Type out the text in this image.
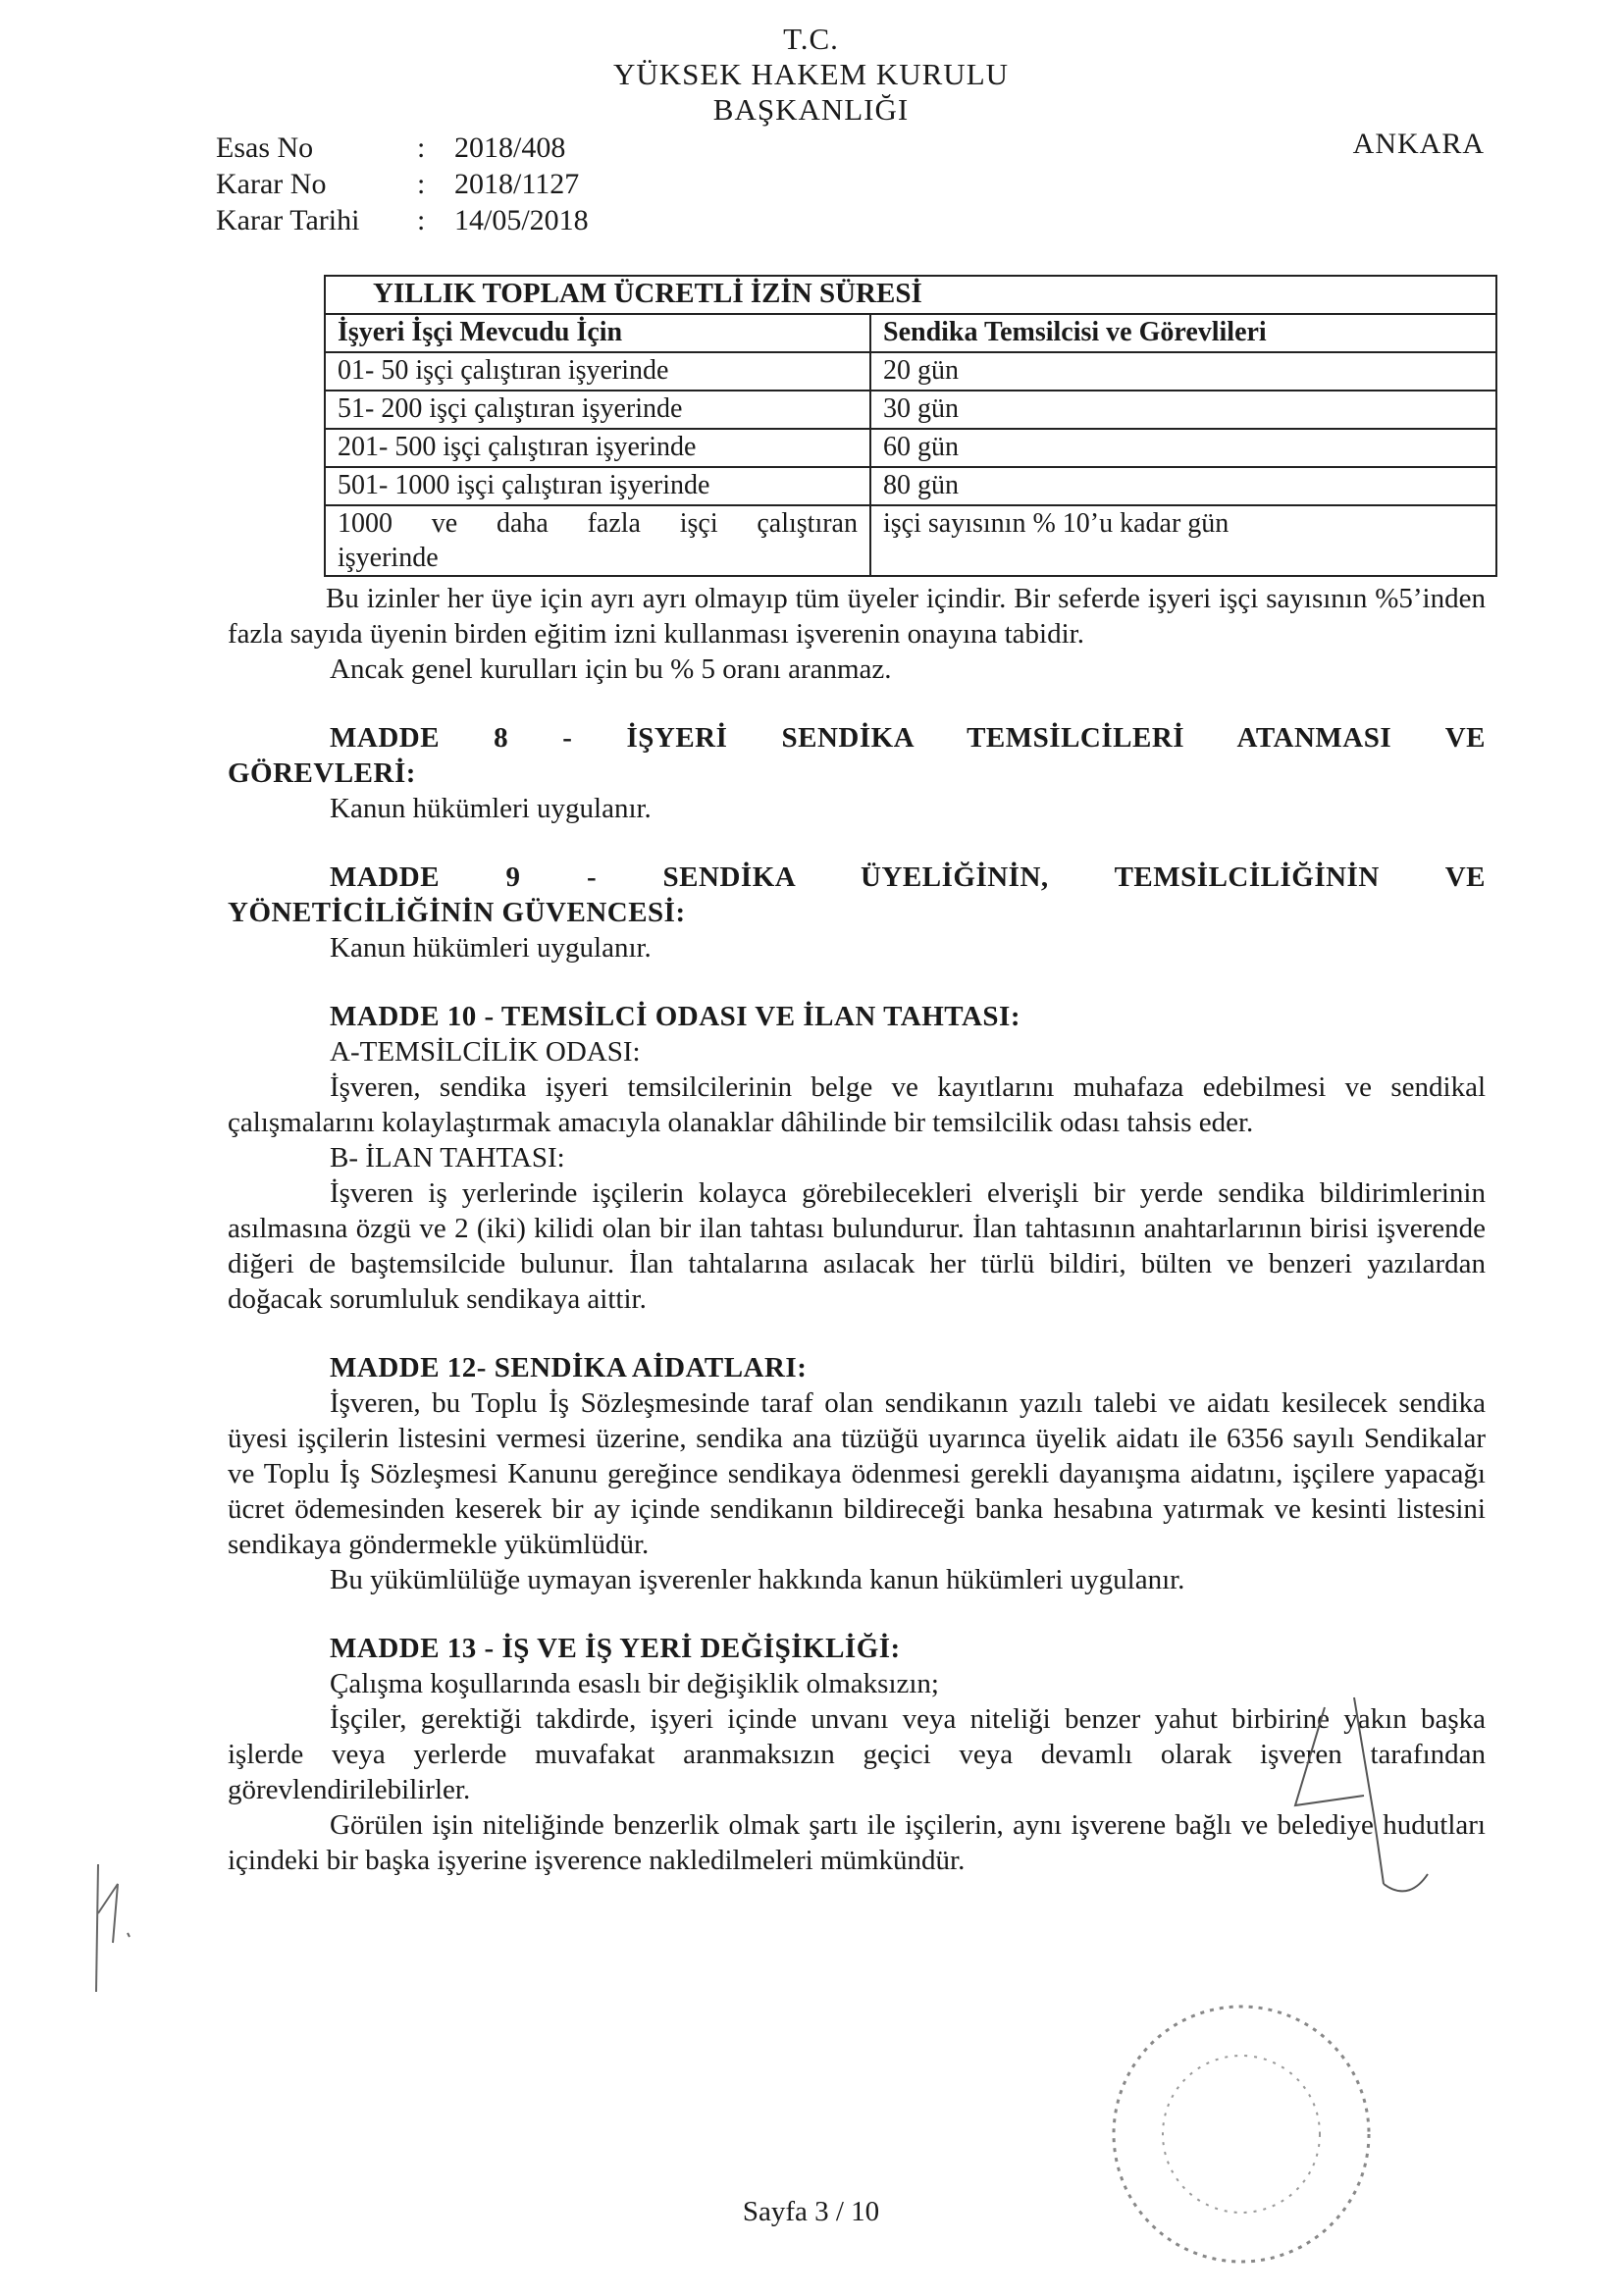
T.C.
YÜKSEK HAKEM KURULU
BAŞKANLIĞI
Esas No	: 2018/408
Karar No	: 2018/1127
Karar Tarihi	: 14/05/2018
ANKARA
YILLIK TOPLAM ÜCRETLİ İZİN SÜRESİ	
İşyeri İşçi Mevcudu İçin	Sendika Temsilcisi ve Görevlileri
01- 50 işçi çalıştıran işyerinde	20 gün
51- 200 işçi çalıştıran işyerinde	30 gün
201- 500 işçi çalıştıran işyerinde	60 gün
501- 1000 işçi çalıştıran işyerinde	80 gün

1000 ve daha fazla işçi çalıştıran
işyerinde	işçi sayısının % 10’u kadar gün

Bu izinler her üye için ayrı ayrı olmayıp tüm üyeler içindir. Bir seferde işyeri işçi sayısının %5’inden fazla sayıda üyenin birden eğitim izni kullanması işverenin onayına tabidir.

Ancak genel kurulları için bu % 5 oranı aranmaz.

MADDE 8 - İŞYERİ SENDİKA TEMSİLCİLERİ ATANMASI VE

GÖREVLERİ:

Kanun hükümleri uygulanır.

MADDE 9 - SENDİKA ÜYELİĞİNİN, TEMSİLCİLİĞİNİN VE

YÖNETİCİLİĞİNİN GÜVENCESİ:

Kanun hükümleri uygulanır.

MADDE 10 - TEMSİLCİ ODASI VE İLAN TAHTASI:

A-TEMSİLCİLİK ODASI:

İşveren, sendika işyeri temsilcilerinin belge ve kayıtlarını muhafaza edebilmesi ve sendikal çalışmalarını kolaylaştırmak amacıyla olanaklar dâhilinde bir temsilcilik odası tahsis eder.

B- İLAN TAHTASI:

İşveren iş yerlerinde işçilerin kolayca görebilecekleri elverişli bir yerde sendika bildirimlerinin asılmasına özgü ve 2 (iki) kilidi olan bir ilan tahtası bulundurur. İlan tahtasının anahtarlarının birisi işverende diğeri de baştemsilcide bulunur. İlan tahtalarına asılacak her türlü bildiri, bülten ve benzeri yazılardan doğacak sorumluluk sendikaya aittir.

MADDE 12- SENDİKA AİDATLARI:

İşveren, bu Toplu İş Sözleşmesinde taraf olan sendikanın yazılı talebi ve aidatı kesilecek sendika üyesi işçilerin listesini vermesi üzerine, sendika ana tüzüğü uyarınca üyelik aidatı ile 6356 sayılı Sendikalar ve Toplu İş Sözleşmesi Kanunu gereğince sendikaya ödenmesi gerekli dayanışma aidatını, işçilere yapacağı ücret ödemesinden keserek bir ay içinde sendikanın bildireceği banka hesabına yatırmak ve kesinti listesini sendikaya göndermekle yükümlüdür.

Bu yükümlülüğe uymayan işverenler hakkında kanun hükümleri uygulanır.

MADDE 13 - İŞ VE İŞ YERİ DEĞİŞİKLİĞİ:

Çalışma koşullarında esaslı bir değişiklik olmaksızın;

İşçiler, gerektiği takdirde, işyeri içinde unvanı veya niteliği benzer yahut birbirine yakın başka işlerde veya yerlerde muvafakat aranmaksızın geçici veya devamlı olarak işveren tarafından görevlendirilebilirler.

Görülen işin niteliğinde benzerlik olmak şartı ile işçilerin, aynı işverene bağlı ve belediye hudutları içindeki bir başka işyerine işverence nakledilmeleri mümkündür.

Sayfa 3 / 10
